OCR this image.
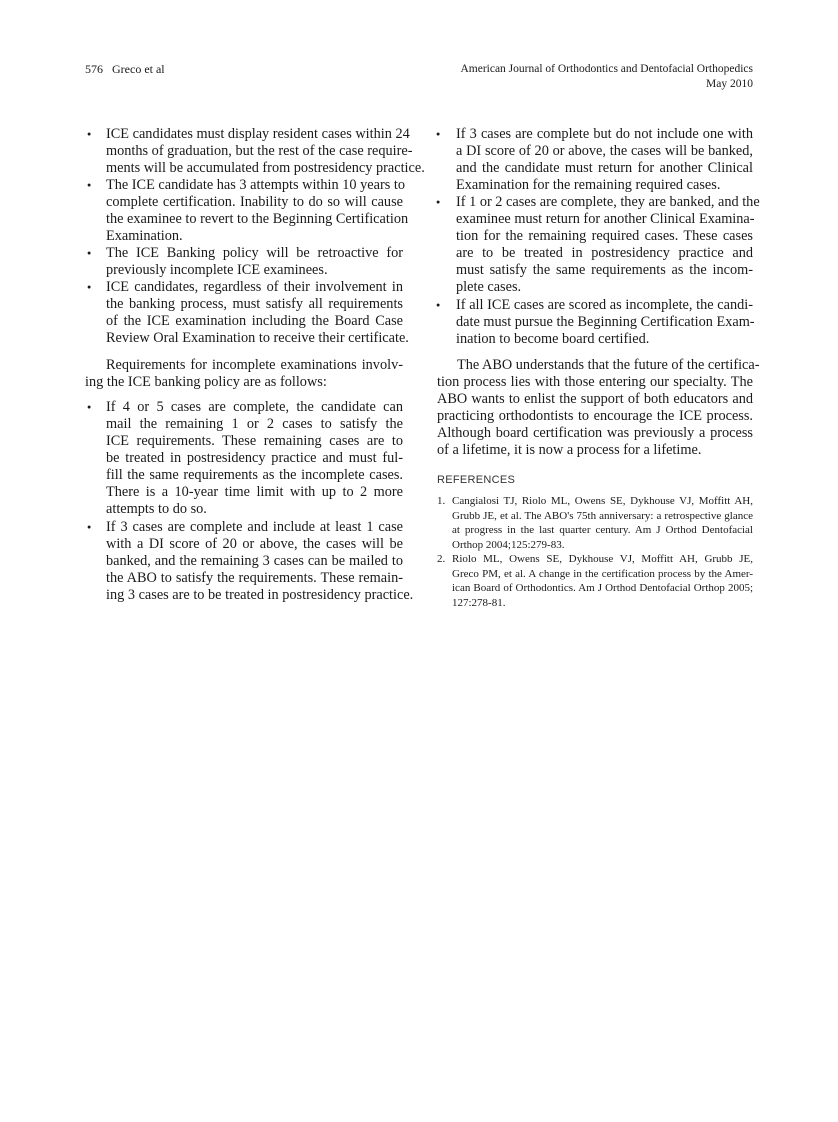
576 Greco et al	American Journal of Orthodontics and Dentofacial Orthopedics
May 2010
● ICE candidates must display resident cases within 24
months of graduation, but the rest of the case require-
ments will be accumulated from postresidency practice.
● The ICE candidate has 3 attempts within 10 years to
complete certification. Inability to do so will cause
the examinee to revert to the Beginning Certification
Examination.
● The ICE Banking policy will be retroactive for
previously incomplete ICE examinees.
● ICE candidates, regardless of their involvement in
the banking process, must satisfy all requirements
of the ICE examination including the Board Case
Review Oral Examination to receive their certificate.
Requirements for incomplete examinations involv-
ing the ICE banking policy are as follows:
● If 4 or 5 cases are complete, the candidate can
mail the remaining 1 or 2 cases to satisfy the
ICE requirements. These remaining cases are to
be treated in postresidency practice and must ful-
fill the same requirements as the incomplete cases.
There is a 10-year time limit with up to 2 more
attempts to do so.
● If 3 cases are complete and include at least 1 case
with a DI score of 20 or above, the cases will be
banked, and the remaining 3 cases can be mailed to
the ABO to satisfy the requirements. These remain-
ing 3 cases are to be treated in postresidency practice.
● If 3 cases are complete but do not include one with
a DI score of 20 or above, the cases will be banked,
and the candidate must return for another Clinical
Examination for the remaining required cases.
● If 1 or 2 cases are complete, they are banked, and the
examinee must return for another Clinical Examina-
tion for the remaining required cases. These cases
are to be treated in postresidency practice and
must satisfy the same requirements as the incom-
plete cases.
● If all ICE cases are scored as incomplete, the candi-
date must pursue the Beginning Certification Exam-
ination to become board certified.
The ABO understands that the future of the certifica-
tion process lies with those entering our specialty. The
ABO wants to enlist the support of both educators and
practicing orthodontists to encourage the ICE process.
Although board certification was previously a process
of a lifetime, it is now a process for a lifetime.
1. Cangialosi TJ, Riolo ML, Owens SE, Dykhouse VJ, Moffitt AH,
Grubb JE, et al. The ABO's 75th anniversary: a retrospective glance
at progress in the last quarter century. Am J Orthod Dentofacial
Orthop 2004;125:279-83.
2. Riolo ML, Owens SE, Dykhouse VJ, Moffitt AH, Grubb JE,
Greco PM, et al. A change in the certification process by the Amer-
ican Board of Orthodontics. Am J Orthod Dentofacial Orthop 2005;
127:278-81.
REFERENCES
